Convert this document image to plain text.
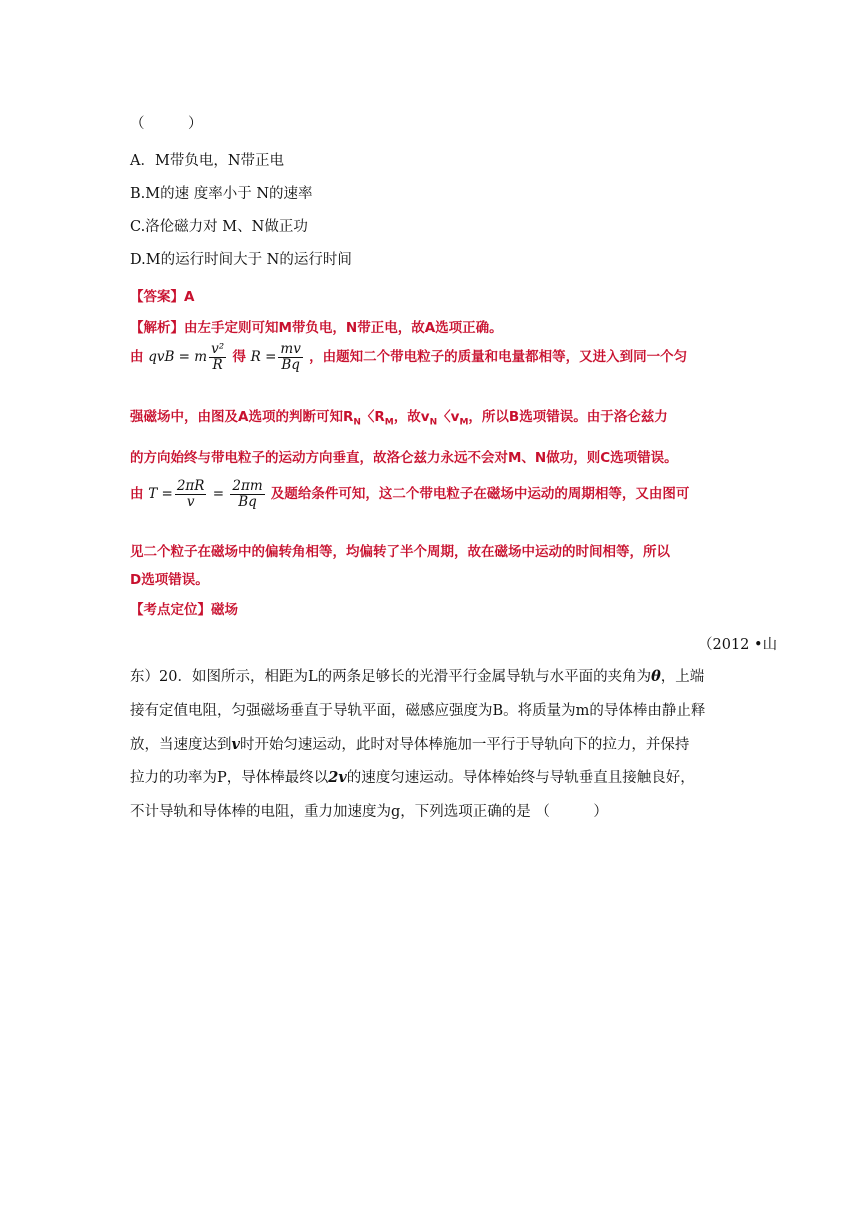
（　　　）
A．M带负电，N带正电
B.M的速 度率小于 N的速率
C.洛伦磁力对 M、N做正功
D.M的运行时间大于 N的运行时间
【答案】A
【解析】由左手定则可知M带负电，N带正电，故A选项正确。
由 qvB = m $\frac{\text{v²}}{R}$ 得 $R = \frac{mv}{Bq}$ ，由题知二个带电粒子的质量和电量都相等，又进入到同一个匀
强磁场中，由图及A选项的判断可知$R_N$〈$R_M$，故$v_N$〈$v_M$，所以B选项错误。由于洛仑兹力
的方向始终与带电粒子的运动方向垂直，故洛仑兹力永远不会对M、N做功，则C选项错误。
由 $T = \frac{2\pi R}{v} = \frac{2\pi m}{Bq}$ 及题给条件可知，这二个带电粒子在磁场中运动的周期相等，又由图可
见二个粒子在磁场中的偏转角相等，均偏转了半个周期，故在磁场中运动的时间相等，所以
D选项错误。
【考点定位】磁场
（2012 •山
东）20．如图所示，相距为L的两条足够长的光滑平行金属导轨与水平面的夹角为θ，上端
接有定值电阻，匀强磁场垂直于导轨平面，磁感应强度为B。将质量为m的导体棒由静止释
放，当速度达到v时开始匀速运动，此时对导体棒施加一平行于导轨向下的拉力，并保持
拉力的功率为P，导体棒最终以2v的速度匀速运动。导体棒始终与导轨垂直且接触良好，
不计导轨和导体棒的电阻，重力加速度为g，下列选项正确的是 （　　　）
